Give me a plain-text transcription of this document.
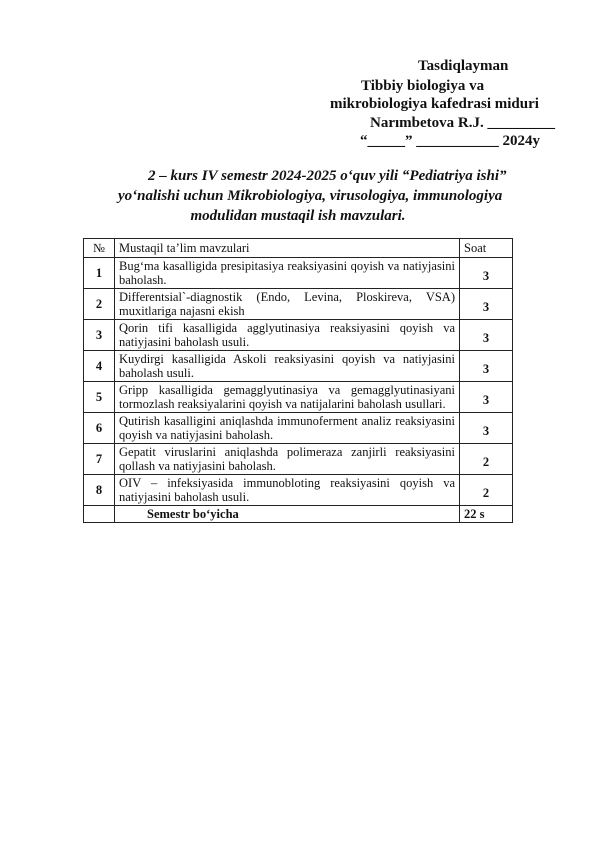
Tasdiqlayman
Tibbiy biologiya va
mikrobiologiya kafedrasi miduri
Narımbetova R.J. _________
“_____” ___________ 2024y
2 – kurs IV semestr 2024-2025 o‘quv yili “Pediatriya ishi”
yo‘nalishi uchun Mikrobiologiya, virusologiya, immunologiya
modulidan mustaqil ish mavzulari.
№	Mustaqil ta’lim mavzulari	Soat
1	Bug‘ma kasalligida presipitasiya reaksiyasini qoyish va natiyjasini baholash.	3
2	Differentsial`-diagnostik (Endo, Levina, Ploskireva, VSA) muxitlariga najasni ekish	3
3	Qorin tifi kasalligida agglyutinasiya reaksiyasini qoyish va natiyjasini baholash usuli.	3
4	Kuydirgi kasalligida Askoli reaksiyasini qoyish va natiyjasini baholash usuli.	3
5	Gripp kasalligida gemagglyutinasiya va gemagglyutinasiyani tormozlash reaksiyalarini qoyish va natijalarini baholash usullari.	3
6	Qutirish kasalligini aniqlashda immunoferment analiz reaksiyasini qoyish va natiyjasini baholash.	3
7	Gepatit viruslarini aniqlashda polimeraza zanjirli reaksiyasini qollash va natiyjasini baholash.	2
8	OIV – infeksiyasida immunobloting reaksiyasini qoyish va natiyjasini baholash usuli.	2
	Semestr bo‘yicha	22 s
